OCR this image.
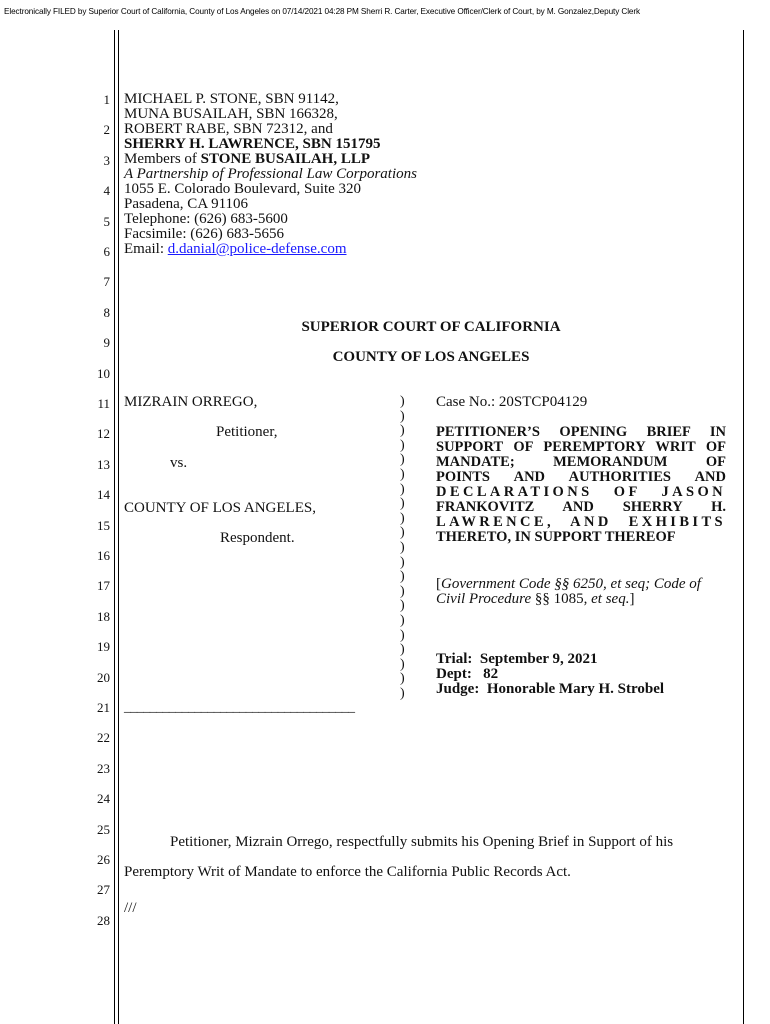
Electronically FILED by Superior Court of California, County of Los Angeles on 07/14/2021 04:28 PM Sherri R. Carter, Executive Officer/Clerk of Court, by M. Gonzalez,Deputy Clerk
1
2
3
4
5
6
7
8
9
10
11
12
13
14
15
16
17
18
19
20
21
22
23
24
25
26
27
28
MICHAEL P. STONE, SBN 91142,
MUNA BUSAILAH, SBN 166328,
ROBERT RABE, SBN 72312, and
SHERRY H. LAWRENCE, SBN 151795
Members of STONE BUSAILAH, LLP
A Partnership of Professional Law Corporations
1055 E. Colorado Boulevard, Suite 320
Pasadena, CA 91106
Telephone: (626) 683-5600
Facsimile: (626) 683-5656
Email: d.danial@police-defense.com
SUPERIOR COURT OF CALIFORNIA
COUNTY OF LOS ANGELES
MIZRAIN ORREGO,
Petitioner,
vs.
COUNTY OF LOS ANGELES,
Respondent.
____________________________________
)
)
)
)
)
)
)
)
)
)
)
)
)
)
)
)
)
)
)
)
)
Case No.: 20STCP04129
PETITIONER’S OPENING BRIEF IN
SUPPORT OF PEREMPTORY WRIT OF
MANDATE; MEMORANDUM OF
POINTS AND AUTHORITIES AND
DECLARATIONS OF JASON
FRANKOVITZ AND SHERRY H.
LAWRENCE, AND EXHIBITS
THERETO, IN SUPPORT THEREOF
[Government Code §§ 6250, et seq; Code of
Civil Procedure §§ 1085, et seq.]
Trial:  September 9, 2021
Dept:   82
Judge:  Honorable Mary H. Strobel
Petitioner, Mizrain Orrego, respectfully submits his Opening Brief in Support of his
Peremptory Writ of Mandate to enforce the California Public Records Act.
///
